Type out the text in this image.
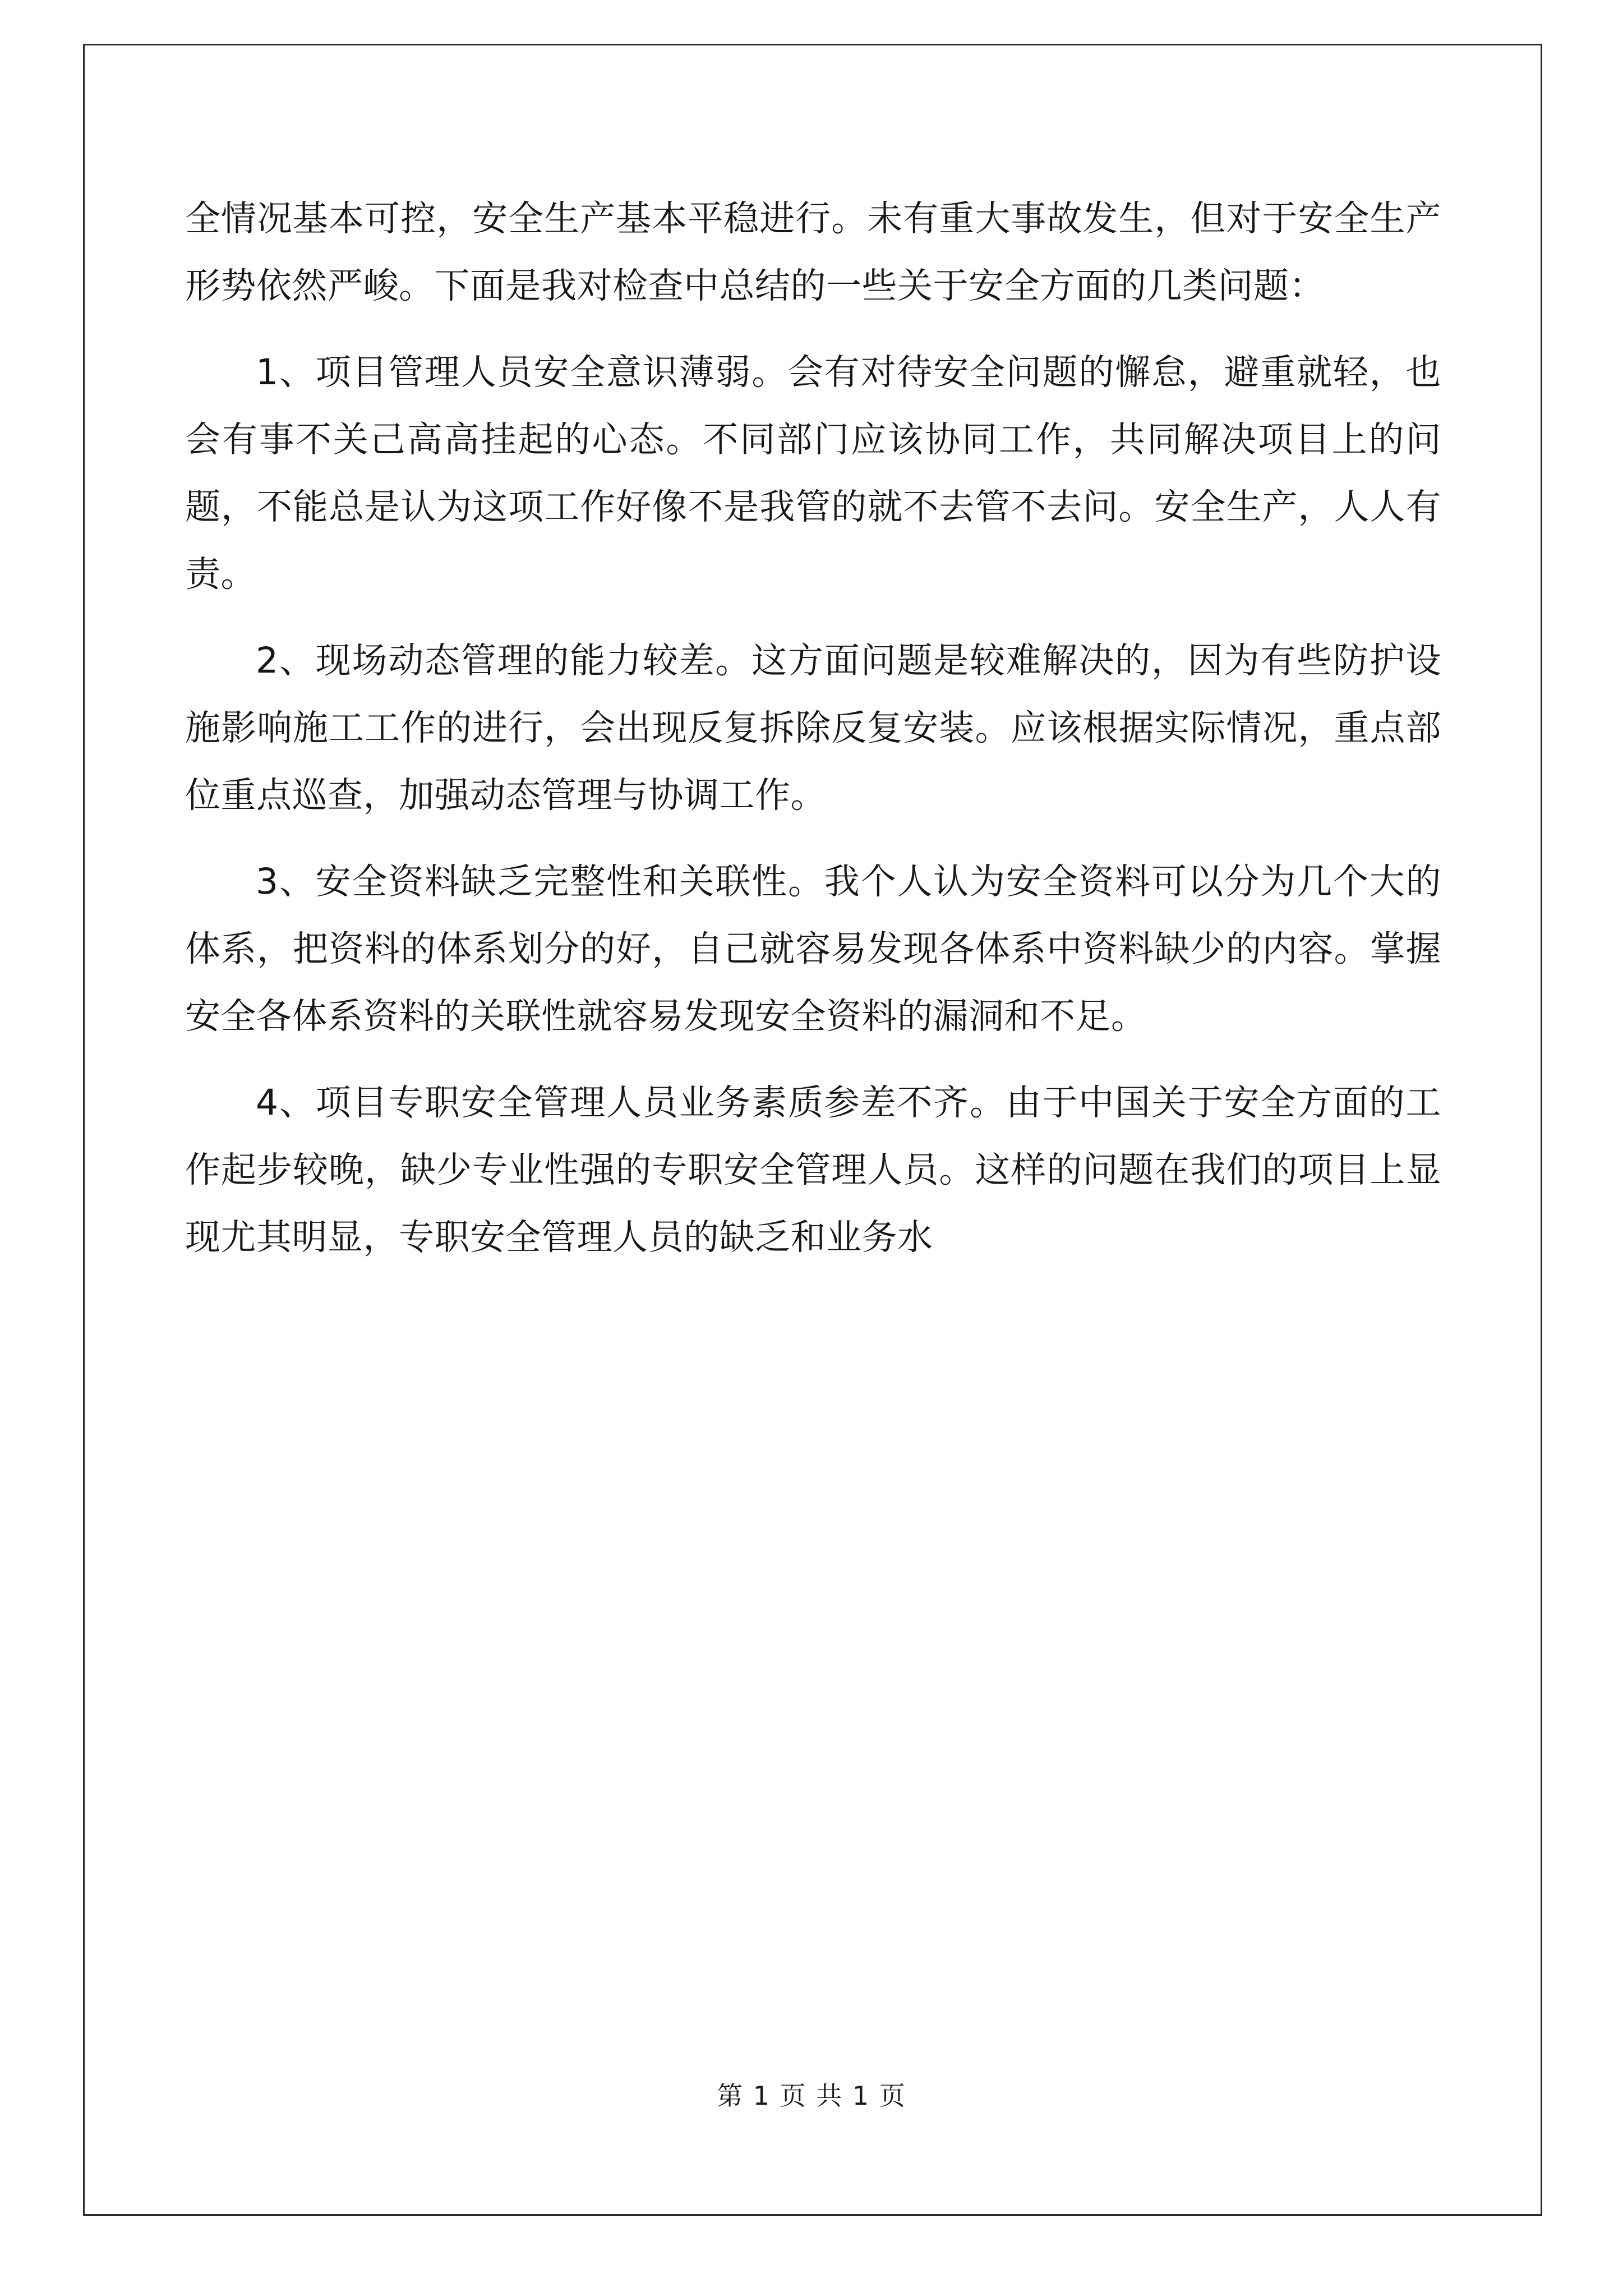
全情况基本可控，安全生产基本平稳进行。未有重大事故发生，但对于安全生产形势依然严峻。下面是我对检查中总结的一些关于安全方面的几类问题：

1、项目管理人员安全意识薄弱。会有对待安全问题的懈怠，避重就轻，也会有事不关己高高挂起的心态。不同部门应该协同工作，共同解决项目上的问题，不能总是认为这项工作好像不是我管的就不去管不去问。安全生产，人人有责。

2、现场动态管理的能力较差。这方面问题是较难解决的，因为有些防护设施影响施工工作的进行，会出现反复拆除反复安装。应该根据实际情况，重点部位重点巡查，加强动态管理与协调工作。

3、安全资料缺乏完整性和关联性。我个人认为安全资料可以分为几个大的体系，把资料的体系划分的好，自己就容易发现各体系中资料缺少的内容。掌握安全各体系资料的关联性就容易发现安全资料的漏洞和不足。

4、项目专职安全管理人员业务素质参差不齐。由于中国关于安全方面的工作起步较晚，缺少专业性强的专职安全管理人员。这样的问题在我们的项目上显现尤其明显，专职安全管理人员的缺乏和业务水

第 1 页 共 1 页
